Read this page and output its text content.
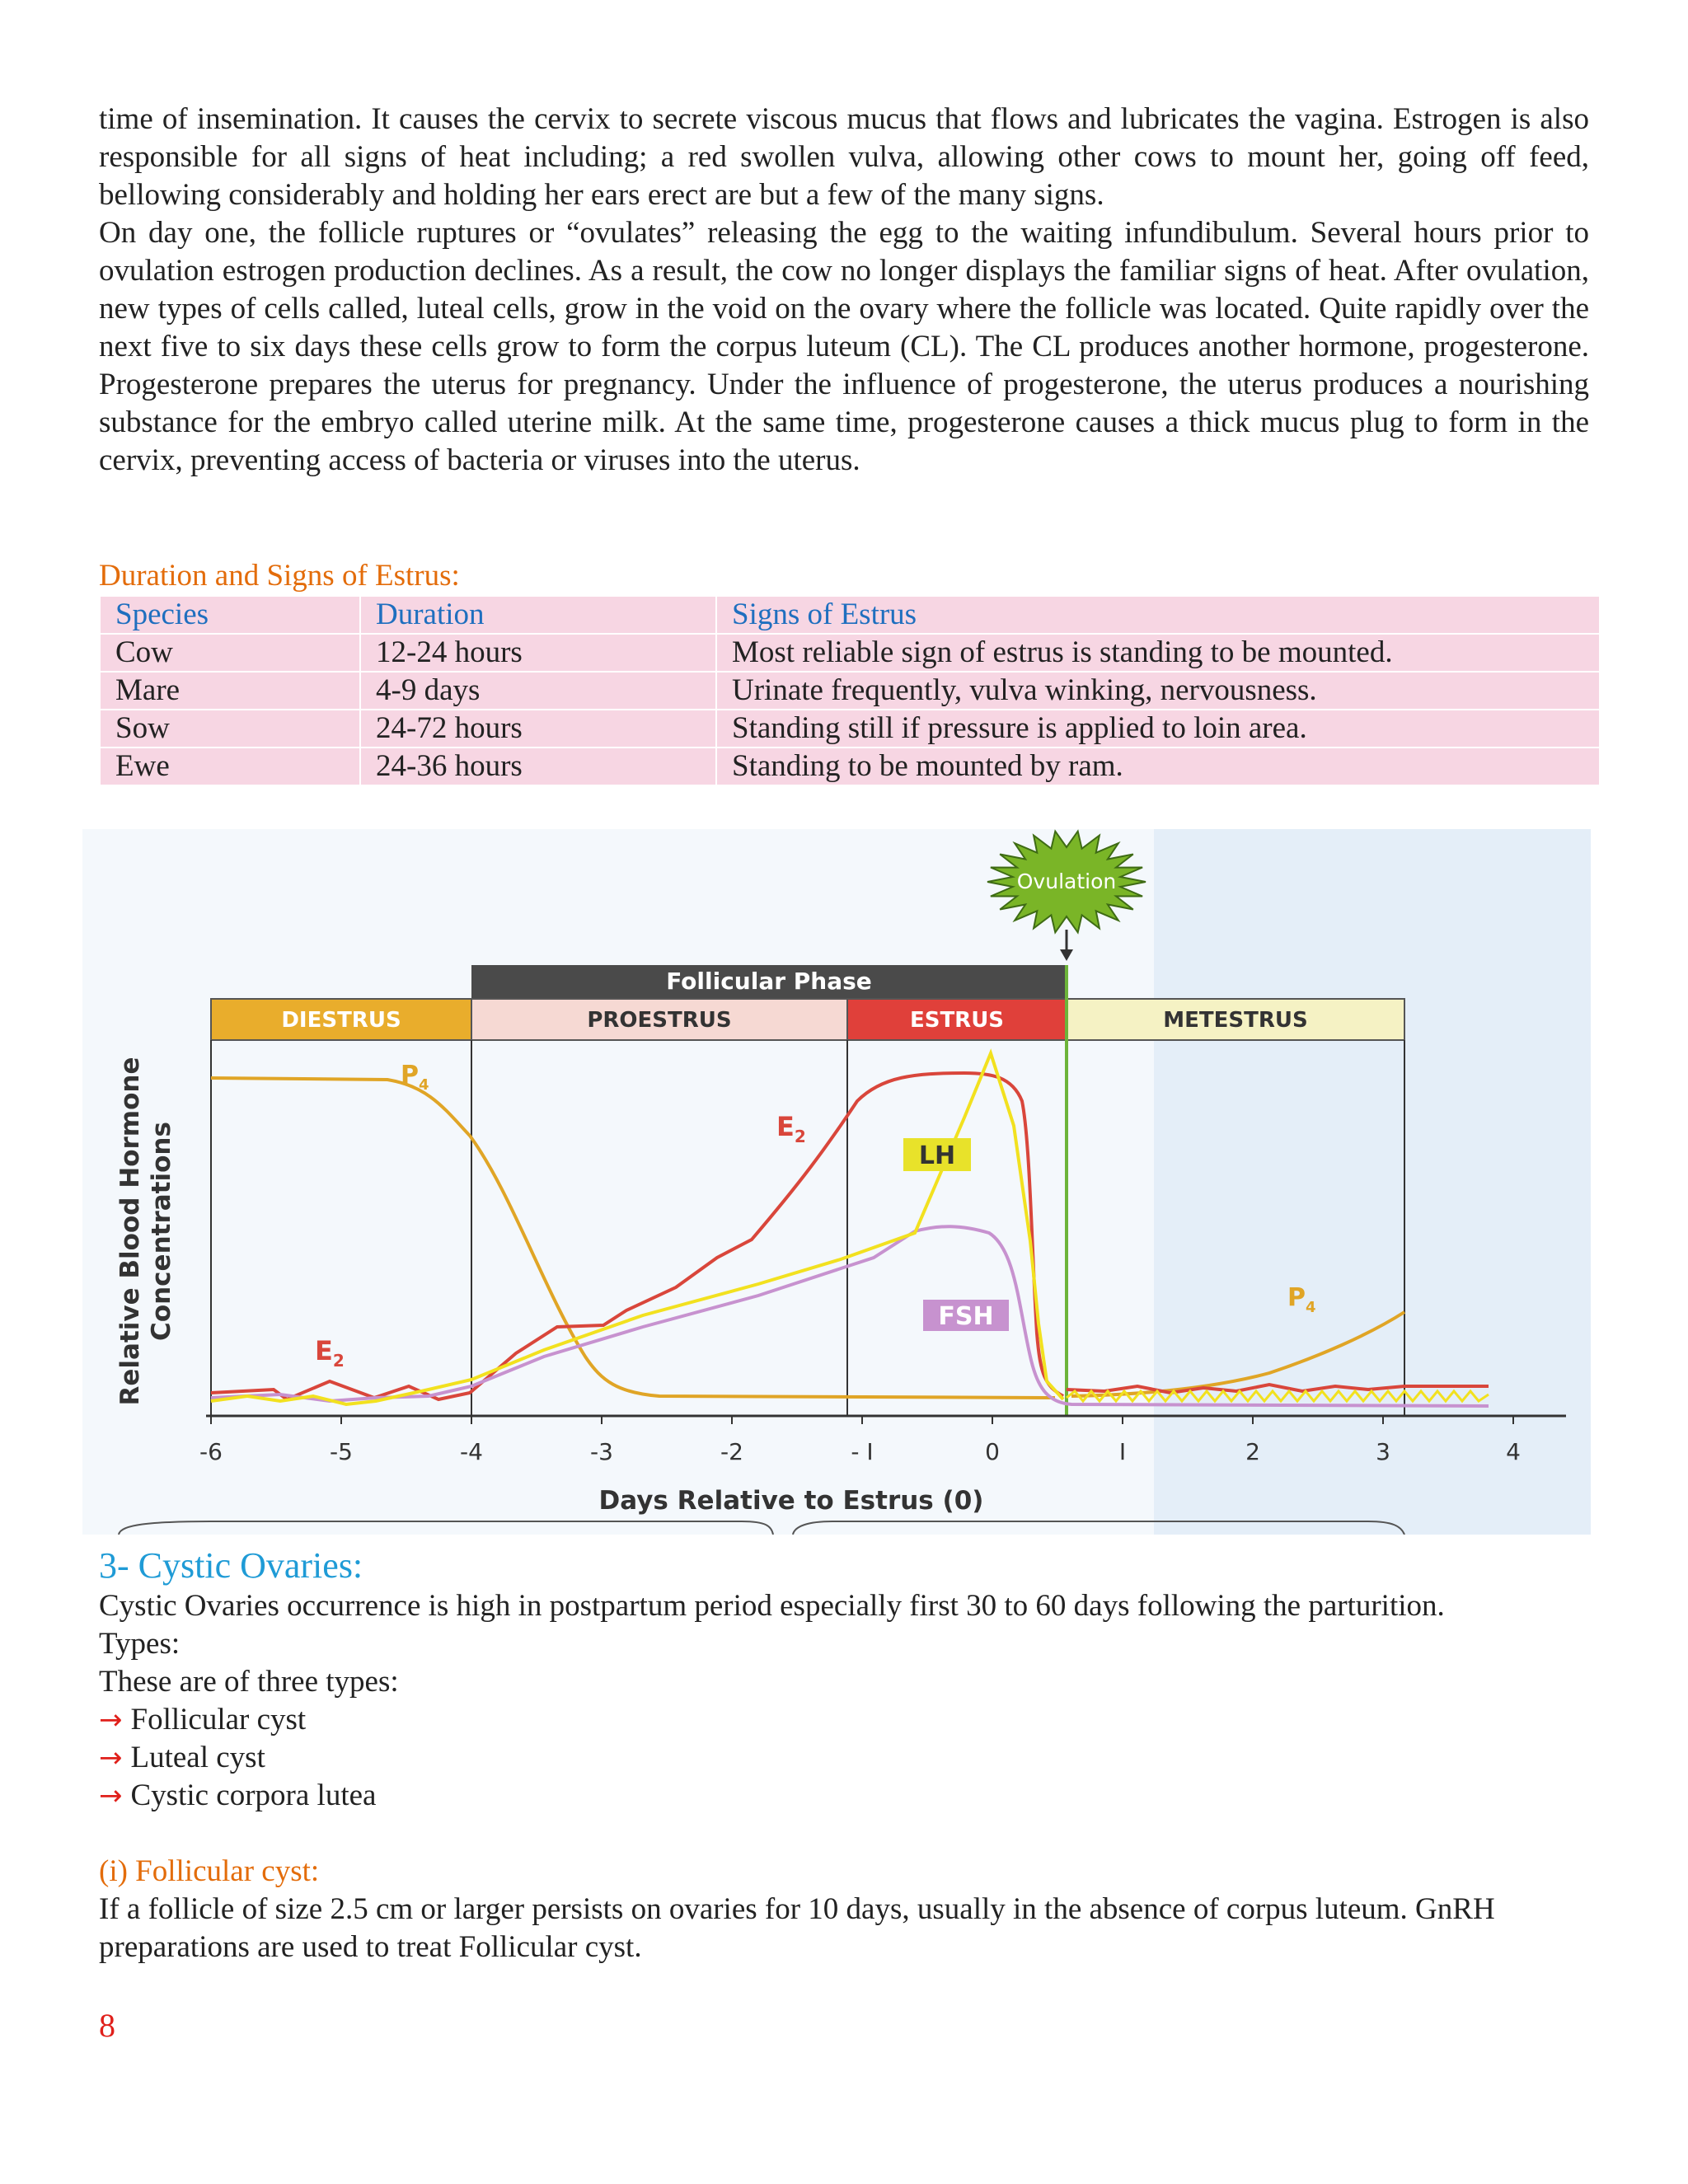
time of insemination. It causes the cervix to secrete viscous mucus that flows and lubricates the vagina. Estrogen is also responsible for all signs of heat including; a red swollen vulva, allowing other cows to mount her, going off feed, bellowing considerably and holding her ears erect are but a few of the many signs.

On day one, the follicle ruptures or “ovulates” releasing the egg to the waiting infundibulum. Several hours prior to ovulation estrogen production declines. As a result, the cow no longer displays the familiar signs of heat. After ovulation, new types of cells called, luteal cells, grow in the void on the ovary where the follicle was located. Quite rapidly over the next five to six days these cells grow to form the corpus luteum (CL). The CL produces another hormone, progesterone. Progesterone prepares the uterus for pregnancy. Under the influence of progesterone, the uterus produces a nourishing substance for the embryo called uterine milk. At the same time, progesterone causes a thick mucus plug to form in the cervix, preventing access of bacteria or viruses into the uterus.

Duration and Signs of Estrus:

Species	Duration	Signs of Estrus
Cow	12-24 hours	Most reliable sign of estrus is standing to be mounted.
Mare	4-9 days	Urinate frequently, vulva winking, nervousness.
Sow	24-72 hours	Standing still if pressure is applied to loin area.
Ewe	24-36 hours	Standing to be mounted by ram.
Ovulation
Follicular Phase
DIESTRUS	PROESTRUS	ESTRUS	METESTRUS
-6	-5	-4	-3	-2	- I	0	I	2	3	4
Days Relative to Estrus (0)
Relative Blood Hormone Concentrations
$P_4$
$P_4$
$E_2$
$E_2$
LH
FSH

3- Cystic Ovaries:

Cystic Ovaries occurrence is high in postpartum period especially first 30 to 60 days following the parturition.

Types:

These are of three types:

→ Follicular cyst

→ Luteal cyst

→ Cystic corpora lutea

(i) Follicular cyst:

If a follicle of size 2.5 cm or larger persists on ovaries for 10 days, usually in the absence of corpus luteum. GnRH preparations are used to treat Follicular cyst.

8
